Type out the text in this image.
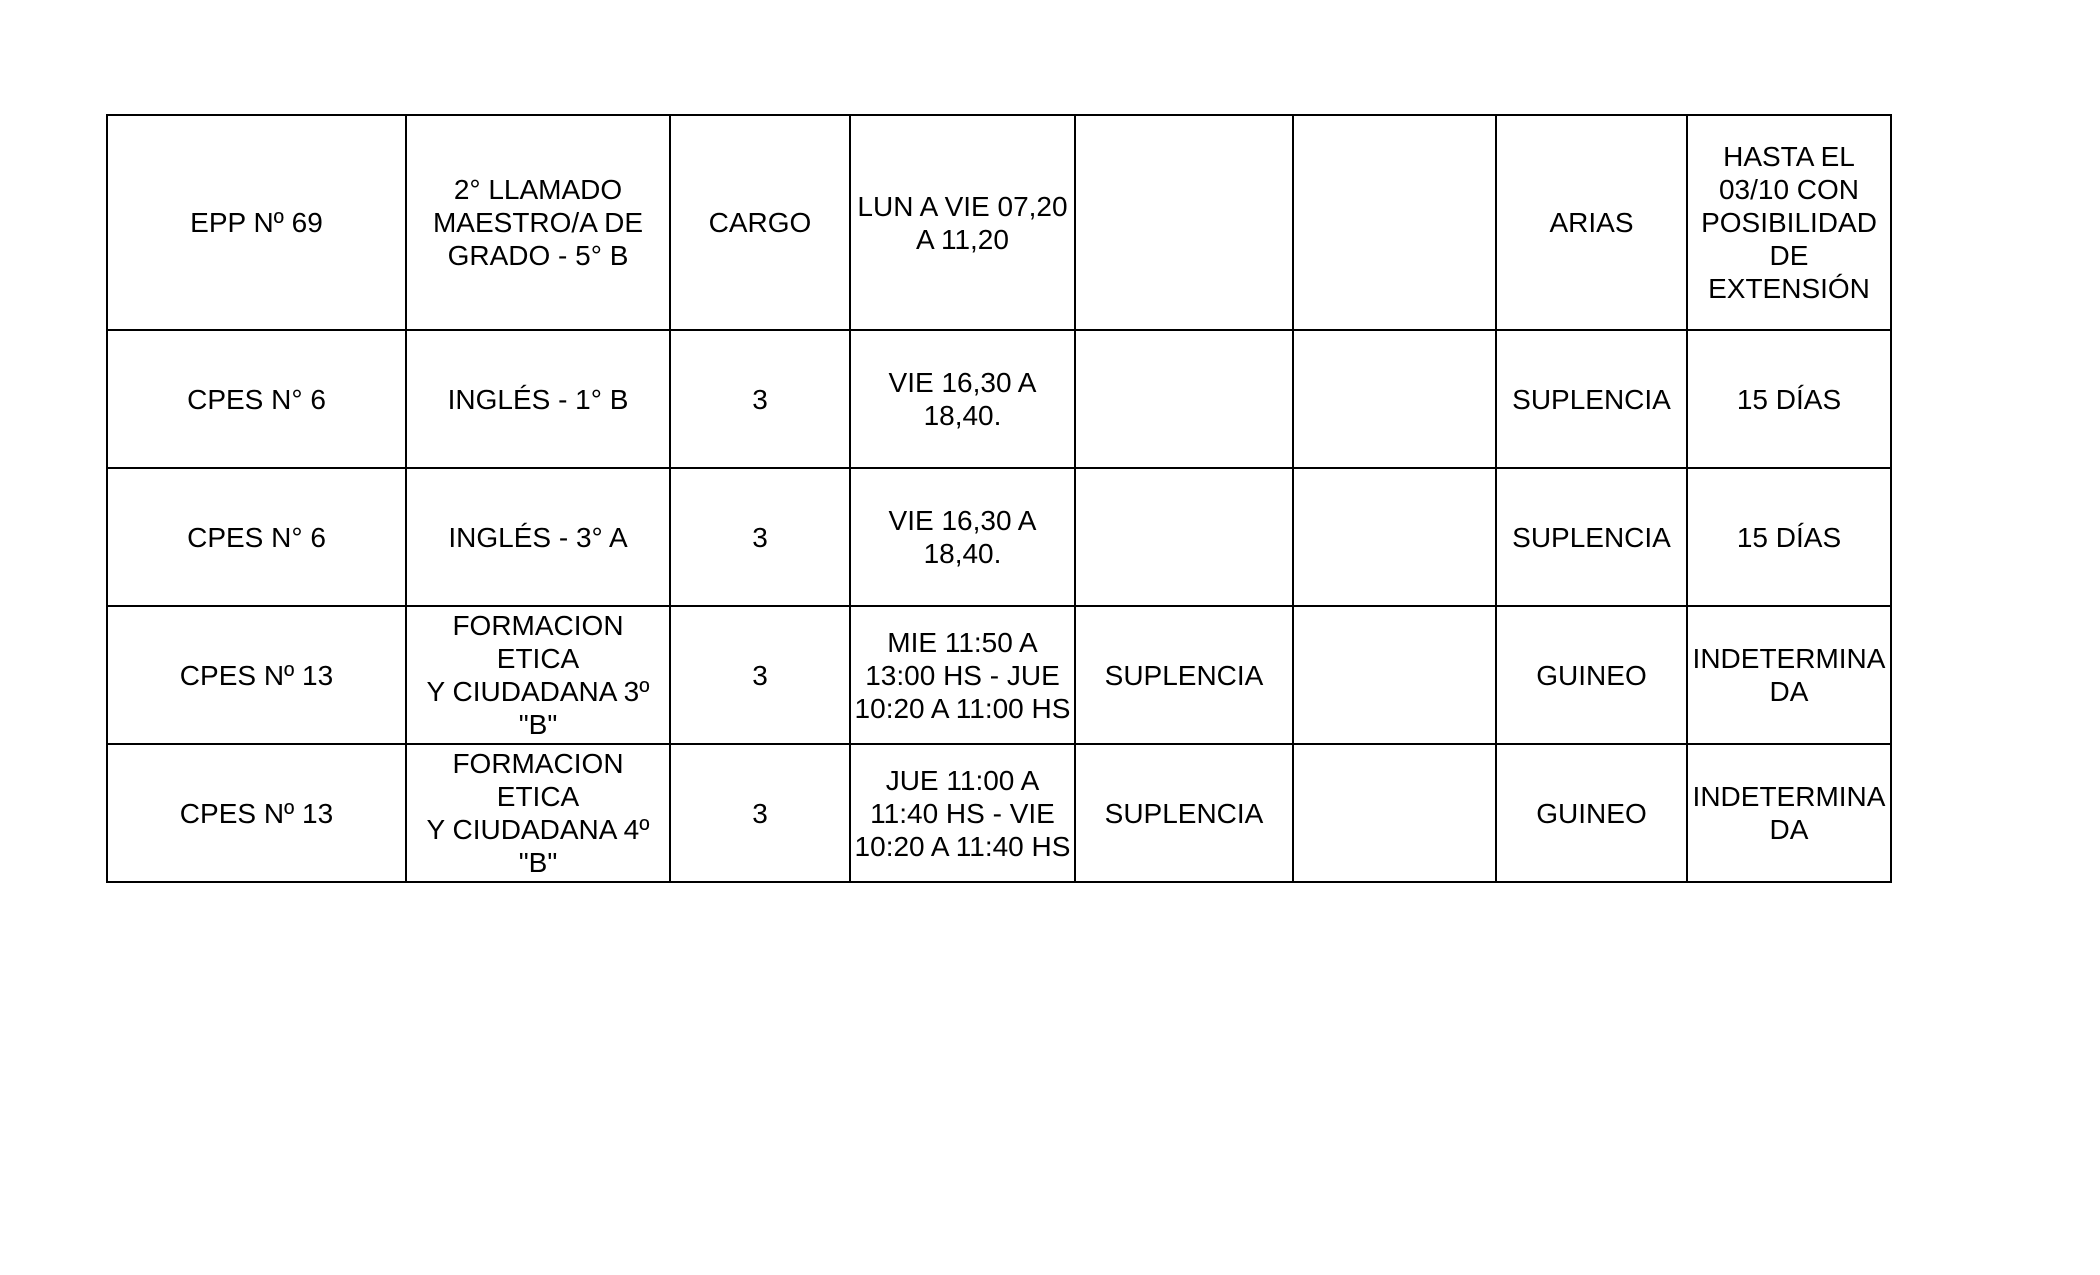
EPP Nº 69	2° LLAMADO
MAESTRO/A DE
GRADO - 5° B	CARGO	LUN A VIE 07,20
A 11,20			ARIAS	HASTA EL
03/10 CON
POSIBILIDAD
DE
EXTENSIÓN
CPES N° 6	INGLÉS - 1° B	3	VIE 16,30 A
18,40.			SUPLENCIA	15 DÍAS
CPES N° 6	INGLÉS - 3° A	3	VIE 16,30 A
18,40.			SUPLENCIA	15 DÍAS
CPES Nº 13	FORMACION ETICA
Y CIUDADANA 3º
"B"	3	MIE 11:50 A
13:00 HS - JUE
10:20 A 11:00 HS	SUPLENCIA		GUINEO	INDETERMINA
DA
CPES Nº 13	FORMACION ETICA
Y CIUDADANA 4º
"B"	3	JUE 11:00 A
11:40 HS - VIE
10:20 A 11:40 HS	SUPLENCIA		GUINEO	INDETERMINA
DA
